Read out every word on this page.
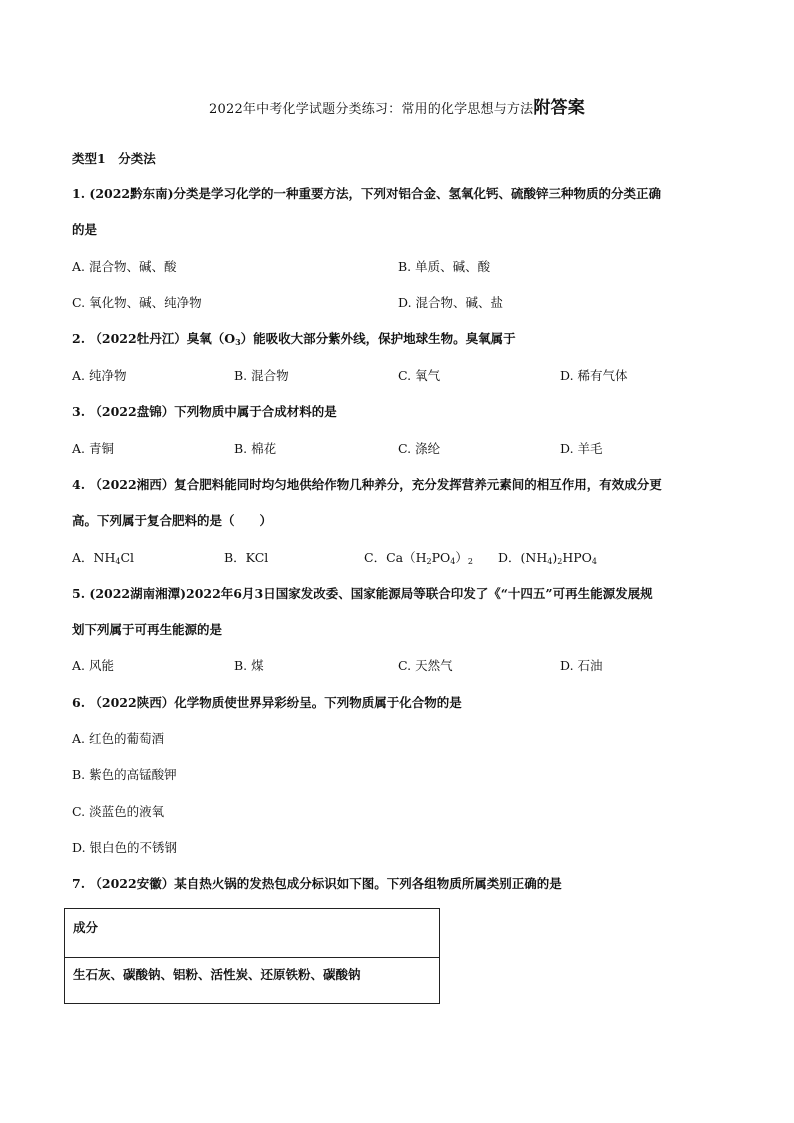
2022年中考化学试题分类练习：常用的化学思想与方法附答案
类型1　分类法
1. (2022黔东南)分类是学习化学的一种重要方法，下列对铝合金、氢氧化钙、硫酸锌三种物质的分类正确
的是
A. 混合物、碱、酸	B. 单质、碱、酸
C. 氧化物、碱、纯净物	D. 混合物、碱、盐
2. （2022牡丹江）臭氧$(O_3)$能吸收大部分紫外线，保护地球生物。臭氧属于
A. 纯净物	B. 混合物	C. 氧气	D. 稀有气体
3. （2022盘锦）下列物质中属于合成材料的是
A. 青铜	B. 棉花	C. 涤纶	D. 羊毛
4. （2022湘西）复合肥料能同时均匀地供给作物几种养分，充分发挥营养元素间的相互作用，有效成分更
高。下列属于复合肥料的是（　　）
A．$NH_4Cl$	B．KCl	C．$Ca(H_2PO_4)_2$ D．$(NH_4)_2HPO_4$
5. (2022湖南湘潭)2022年6月3日国家发改委、国家能源局等联合印发了《“十四五”可再生能源发展规
划下列属于可再生能源的是
A. 风能	B. 煤	C. 天然气	D. 石油
6. （2022陕西）化学物质使世界异彩纷呈。下列物质属于化合物的是
A. 红色的葡萄酒
B. 紫色的高锰酸钾
C. 淡蓝色的液氧
D. 银白色的不锈钢
7. （2022安徽）某自热火锅的发热包成分标识如下图。下列各组物质所属类别正确的是
成分
生石灰、碳酸钠、铝粉、活性炭、还原铁粉、碳酸钠
